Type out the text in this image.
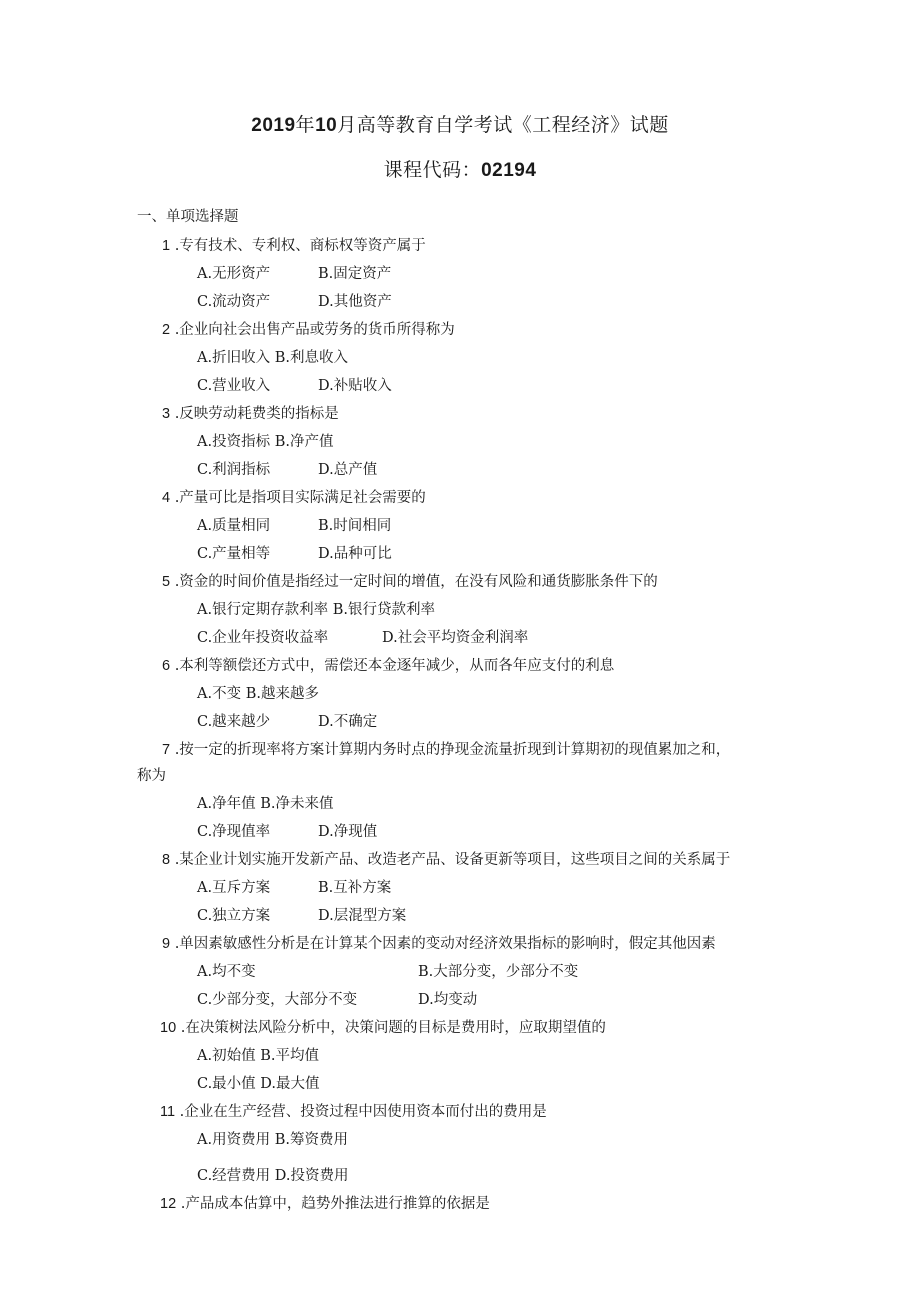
2019年10月高等教育自学考试《工程经济》试题
课程代码：02194
一、单项选择题
1 .专有技术、专利权、商标权等资产属于
A.无形资产	B.固定资产
C.流动资产	D.其他资产
2 .企业向社会出售产品或劳务的货币所得称为
A.折旧收入 B.利息收入
C.营业收入	D.补贴收入
3 .反映劳动耗费类的指标是
A.投资指标 B.净产值
C.利润指标	D.总产值
4 .产量可比是指项目实际满足社会需要的
A.质量相同	B.时间相同
C.产量相等	D.品种可比
5 .资金的时间价值是指经过一定时间的增值，在没有风险和通货膨胀条件下的
A.银行定期存款利率 B.银行贷款利率
C.企业年投资收益率	D.社会平均资金利润率
6 .本利等额偿还方式中，需偿还本金逐年减少，从而各年应支付的利息
A.不变 B.越来越多
C.越来越少	D.不确定
7 .按一定的折现率将方案计算期内务时点的挣现金流量折现到计算期初的现值累加之和，
称为
A.净年值 B.净未来值
C.净现值率	D.净现值
8 .某企业计划实施开发新产品、改造老产品、设备更新等项目，这些项目之间的关系属于
A.互斥方案	B.互补方案
C.独立方案	D.层混型方案
9 .单因素敏感性分析是在计算某个因素的变动对经济效果指标的影响时，假定其他因素
A.均不变	B.大部分变，少部分不变
C.少部分变，大部分不变	D.均变动
10 .在决策树法风险分析中，决策问题的目标是费用时，应取期望值的
A.初始值 B.平均值
C.最小值 D.最大值
11 .企业在生产经营、投资过程中因使用资本而付出的费用是
A.用资费用 B.筹资费用
C.经营费用 D.投资费用
12 .产品成本估算中，趋势外推法进行推算的依据是
